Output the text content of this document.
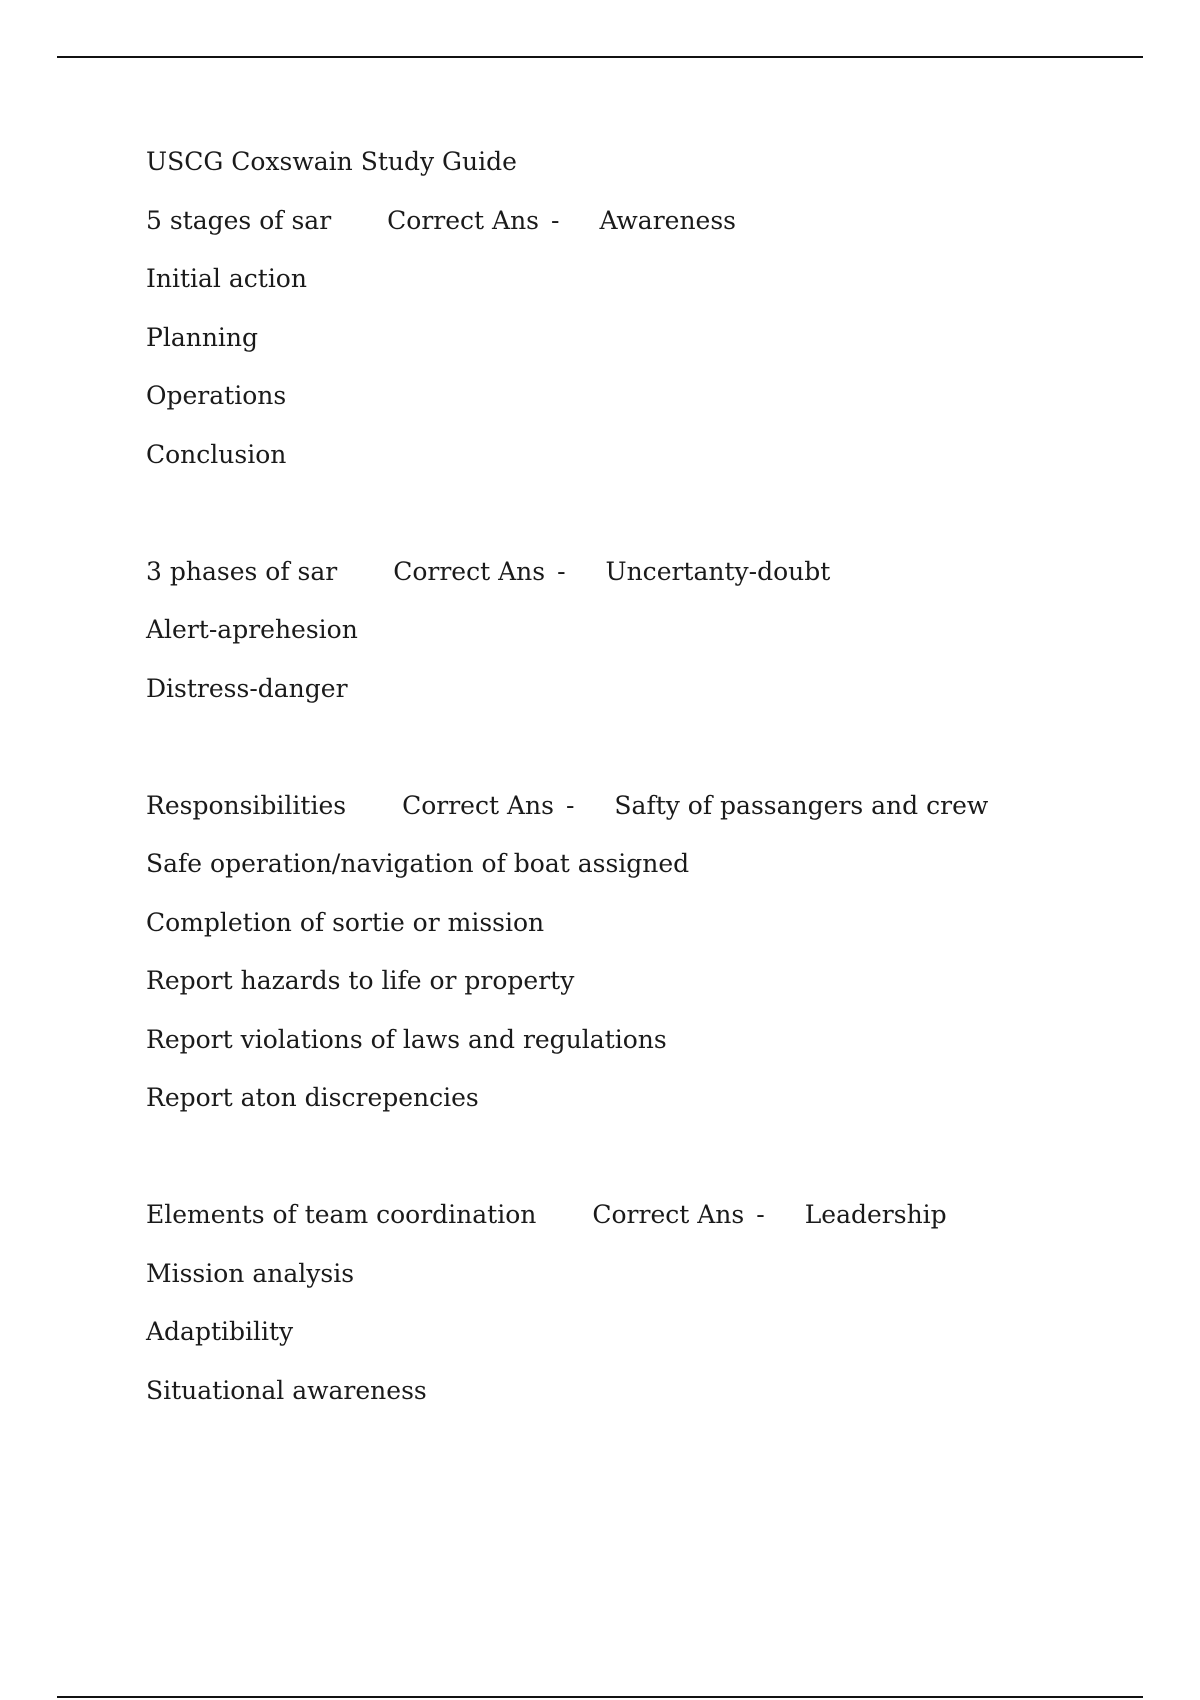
USCG Coxswain Study Guide
5 stages of sar Correct Ans - Awareness
Initial action
Planning
Operations
Conclusion
3 phases of sar Correct Ans - Uncertanty-doubt
Alert-aprehesion
Distress-danger
Responsibilities Correct Ans - Safty of passangers and crew
Safe operation/navigation of boat assigned
Completion of sortie or mission
Report hazards to life or property
Report violations of laws and regulations
Report aton discrepencies
Elements of team coordination Correct Ans - Leadership
Mission analysis
Adaptibility
Situational awareness
